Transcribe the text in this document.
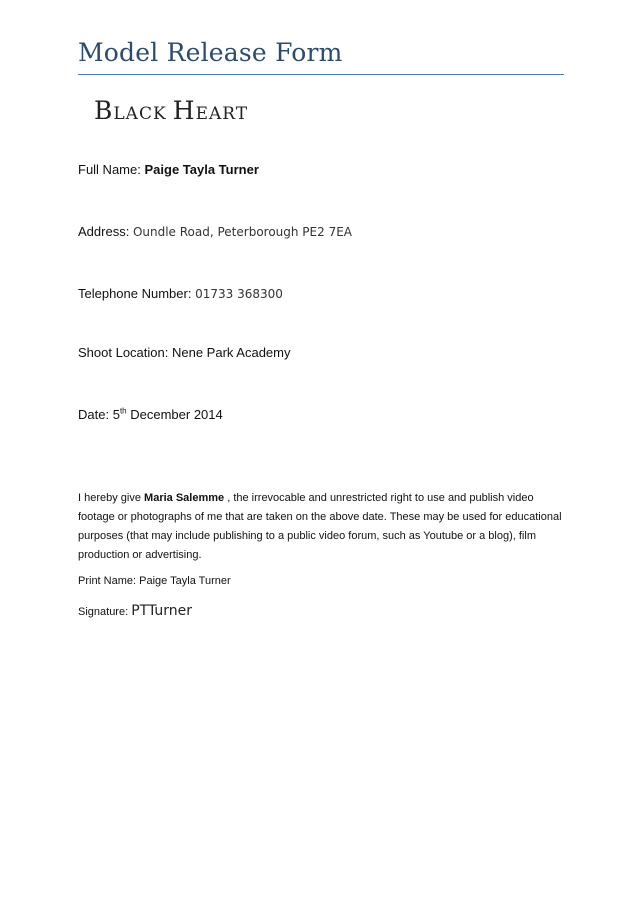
Model Release Form
BLACK HEART
Full Name: Paige Tayla Turner
Address: Oundle Road, Peterborough PE2 7EA
Telephone Number: 01733 368300
Shoot Location: Nene Park Academy
Date: 5th December 2014
I hereby give Maria Salemme , the irrevocable and unrestricted right to use and publish video footage or photographs of me that are taken on the above date. These may be used for educational purposes (that may include publishing to a public video forum, such as Youtube or a blog), film production or advertising.
Print Name: Paige Tayla Turner
Signature: PTTurner
